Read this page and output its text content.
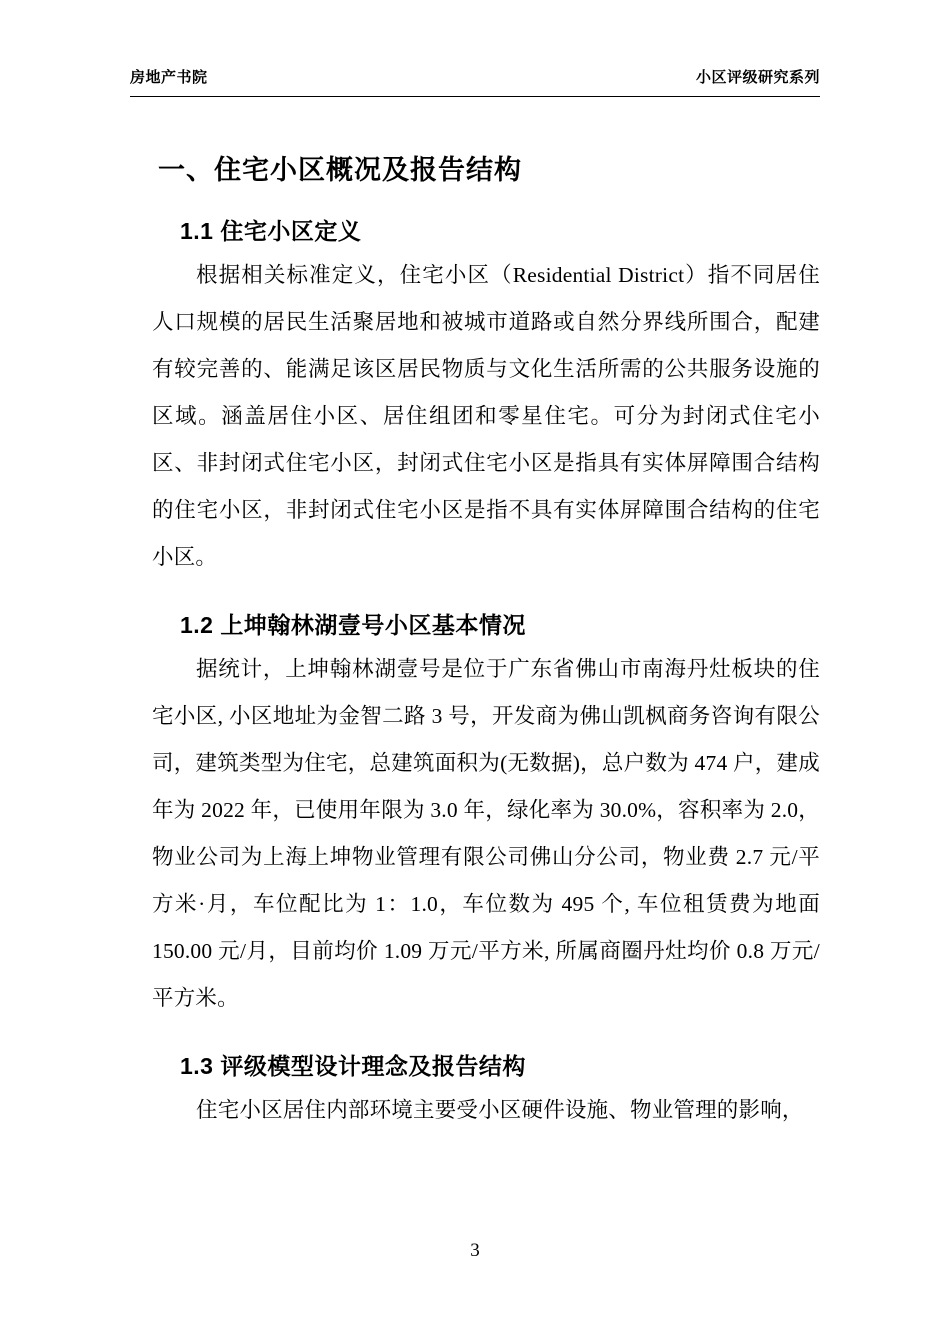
房地产书院	小区评级研究系列
一、住宅小区概况及报告结构
1.1 住宅小区定义

根据相关标准定义，住宅小区（Residential District）指不同居住人口规模的居民生活聚居地和被城市道路或自然分界线所围合，配建有较完善的、能满足该区居民物质与文化生活所需的公共服务设施的区域。涵盖居住小区、居住组团和零星住宅。可分为封闭式住宅小区、非封闭式住宅小区，封闭式住宅小区是指具有实体屏障围合结构的住宅小区，非封闭式住宅小区是指不具有实体屏障围合结构的住宅小区。

1.2 上坤翰林湖壹号小区基本情况

据统计，上坤翰林湖壹号是位于广东省佛山市南海丹灶板块的住宅小区, 小区地址为金智二路 3 号，开发商为佛山凯枫商务咨询有限公司，建筑类型为住宅，总建筑面积为(无数据)，总户数为 474 户，建成年为 2022 年，已使用年限为 3.0 年，绿化率为 30.0%，容积率为 2.0，物业公司为上海上坤物业管理有限公司佛山分公司，物业费 2.7 元/平方米·月，车位配比为 1：1.0，车位数为 495 个, 车位租赁费为地面 150.00 元/月，目前均价 1.09 万元/平方米, 所属商圈丹灶均价 0.8 万元/平方米。

1.3 评级模型设计理念及报告结构

住宅小区居住内部环境主要受小区硬件设施、物业管理的影响，

3
